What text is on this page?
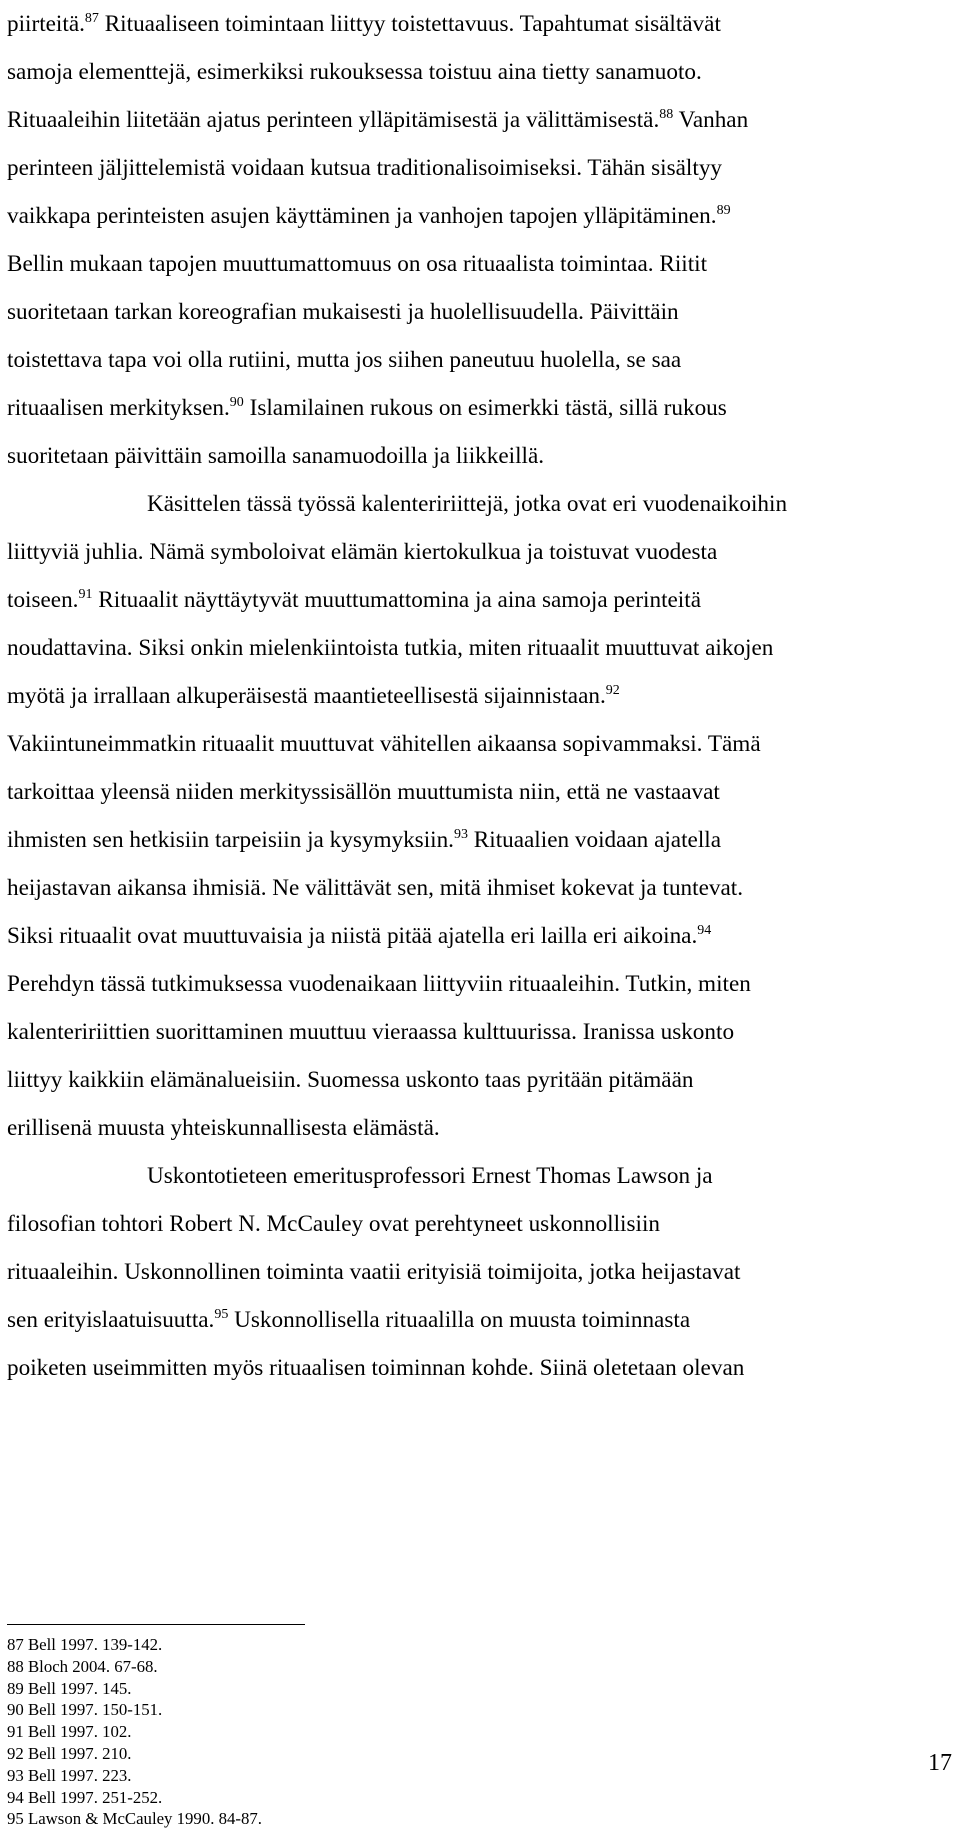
piirteitä.$^{87}$ Rituaaliseen toimintaan liittyy toistettavuus. Tapahtumat sisältävät
samoja elementtejä, esimerkiksi rukouksessa toistuu aina tietty sanamuoto.
Rituaaleihin liitetään ajatus perinteen ylläpitämisestä ja välittämisestä.$^{88}$ Vanhan
perinteen jäljittelemistä voidaan kutsua traditionalisoimiseksi. Tähän sisältyy
vaikkapa perinteisten asujen käyttäminen ja vanhojen tapojen ylläpitäminen.$^{89}$
Bellin mukaan tapojen muuttumattomuus on osa rituaalista toimintaa. Riitit
suoritetaan tarkan koreografian mukaisesti ja huolellisuudella. Päivittäin
toistettava tapa voi olla rutiini, mutta jos siihen paneutuu huolella, se saa
rituaalisen merkityksen.$^{90}$ Islamilainen rukous on esimerkki tästä, sillä rukous
suoritetaan päivittäin samoilla sanamuodoilla ja liikkeillä.
Käsittelen tässä työssä kalenteririittejä, jotka ovat eri vuodenaikoihin
liittyviä juhlia. Nämä symboloivat elämän kiertokulkua ja toistuvat vuodesta
toiseen.$^{91}$ Rituaalit näyttäytyvät muuttumattomina ja aina samoja perinteitä
noudattavina. Siksi onkin mielenkiintoista tutkia, miten rituaalit muuttuvat aikojen
myötä ja irrallaan alkuperäisestä maantieteellisestä sijainnistaan.$^{92}$
Vakiintuneimmatkin rituaalit muuttuvat vähitellen aikaansa sopivammaksi. Tämä
tarkoittaa yleensä niiden merkityssisällön muuttumista niin, että ne vastaavat
ihmisten sen hetkisiin tarpeisiin ja kysymyksiin.$^{93}$ Rituaalien voidaan ajatella
heijastavan aikansa ihmisiä. Ne välittävät sen, mitä ihmiset kokevat ja tuntevat.
Siksi rituaalit ovat muuttuvaisia ja niistä pitää ajatella eri lailla eri aikoina.$^{94}$
Perehdyn tässä tutkimuksessa vuodenaikaan liittyviin rituaaleihin. Tutkin, miten
kalenteririittien suorittaminen muuttuu vieraassa kulttuurissa. Iranissa uskonto
liittyy kaikkiin elämänalueisiin. Suomessa uskonto taas pyritään pitämään
erillisenä muusta yhteiskunnallisesta elämästä.
Uskontotieteen emeritusprofessori Ernest Thomas Lawson ja
filosofian tohtori Robert N. McCauley ovat perehtyneet uskonnollisiin
rituaaleihin. Uskonnollinen toiminta vaatii erityisiä toimijoita, jotka heijastavat
sen erityislaatuisuutta.$^{95}$ Uskonnollisella rituaalilla on muusta toiminnasta
poiketen useimmitten myös rituaalisen toiminnan kohde. Siinä oletetaan olevan
87 Bell 1997. 139-142.
88 Bloch 2004. 67-68.
89 Bell 1997. 145.
90 Bell 1997. 150-151.
91 Bell 1997. 102.
92 Bell 1997. 210.
93 Bell 1997. 223.
94 Bell 1997. 251-252.
95 Lawson & McCauley 1990. 84-87.
17
